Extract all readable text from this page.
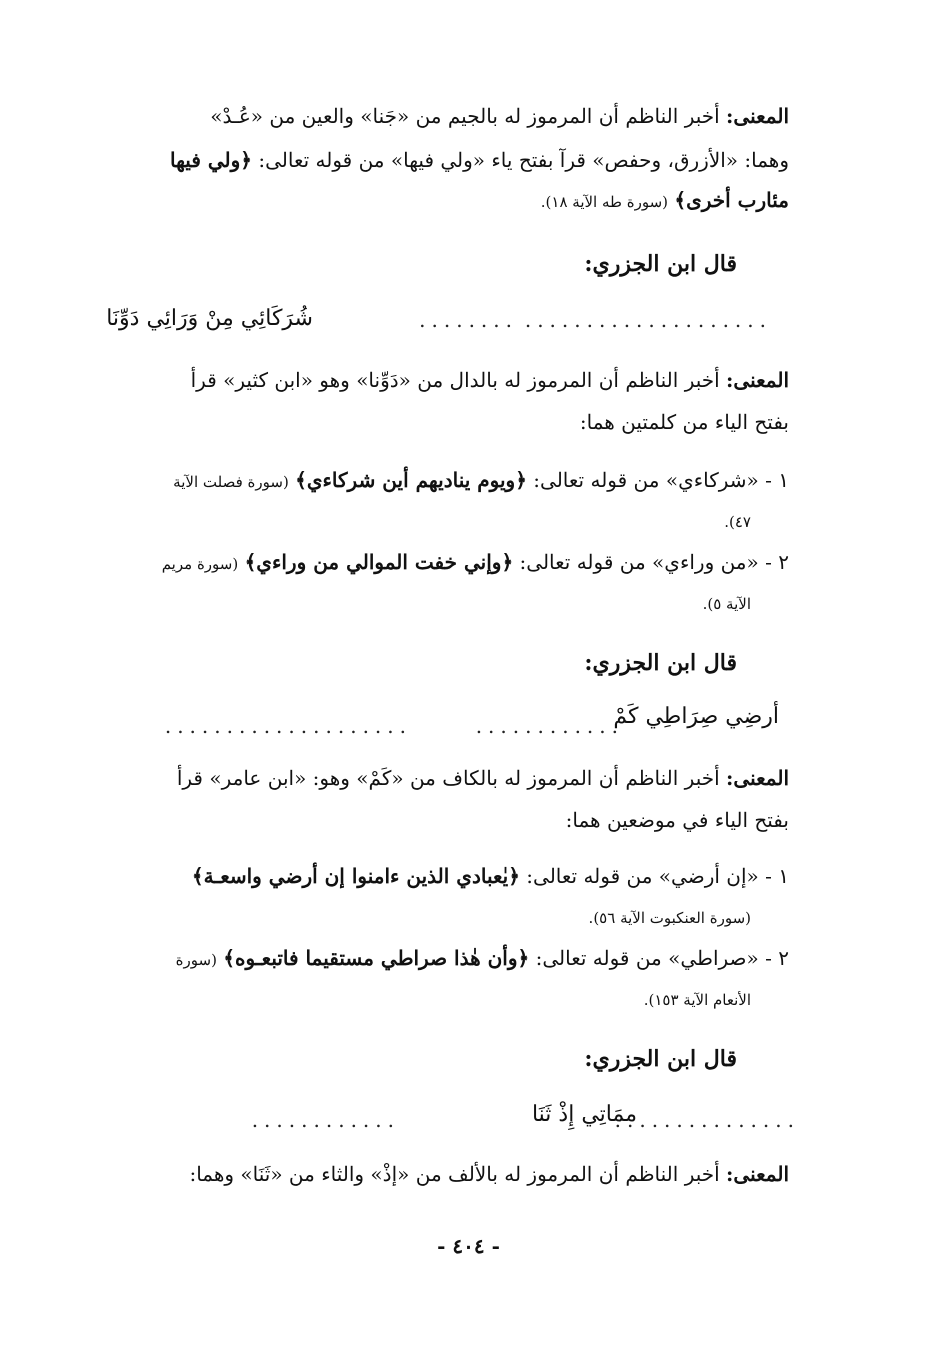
المعنى: أخبر الناظم أن المرموز له بالجيم من «جَنا» والعين من «عُـدْ»
وهما: «الأزرق، وحفص» قرآ بفتح ياء «ولي فيها» من قوله تعالى: ﴿ولي فيها
مئارب أخرى﴾ (سورة طه الآية ١٨).
قال ابن الجزري:
........
شُرَكَائِي مِنْ وَرَائِي دَوِّنَا	....................
المعنى: أخبر الناظم أن المرموز له بالدال من «دَوِّنا» وهو «ابن كثير» قرأ
بفتح الياء من كلمتين هما:
١ - «شركاءي» من قوله تعالى: ﴿ويوم يناديهم أين شركاءي﴾ (سورة فصلت الآية
٤٧).
٢ - «من وراءي» من قوله تعالى: ﴿وإني خفت الموالي من وراءي﴾ (سورة مريم
الآية ٥).
قال ابن الجزري:
أرضِي صِرَاطِي كَمْ
............
....................
المعنى: أخبر الناظم أن المرموز له بالكاف من «كَمْ» وهو: «ابن عامر» قرأ
بفتح الياء في موضعين هما:
١ - «إن أرضي» من قوله تعالى: ﴿يٰعبادي الذين ءامنوا إن أرضي واسعـة﴾
(سورة العنكبوت الآية ٥٦).
٢ - «صراطي» من قوله تعالى: ﴿وأن هٰذا صراطي مستقيما فاتبعـوه﴾ (سورة
الأنعام الآية ١٥٣).
قال ابن الجزري:
...............
ممَاتِي إِذْ ثَنَا
............
المعنى: أخبر الناظم أن المرموز له بالألف من «إذْ» والثاء من «ثَنَا» وهما:
- ٤٠٤ -
